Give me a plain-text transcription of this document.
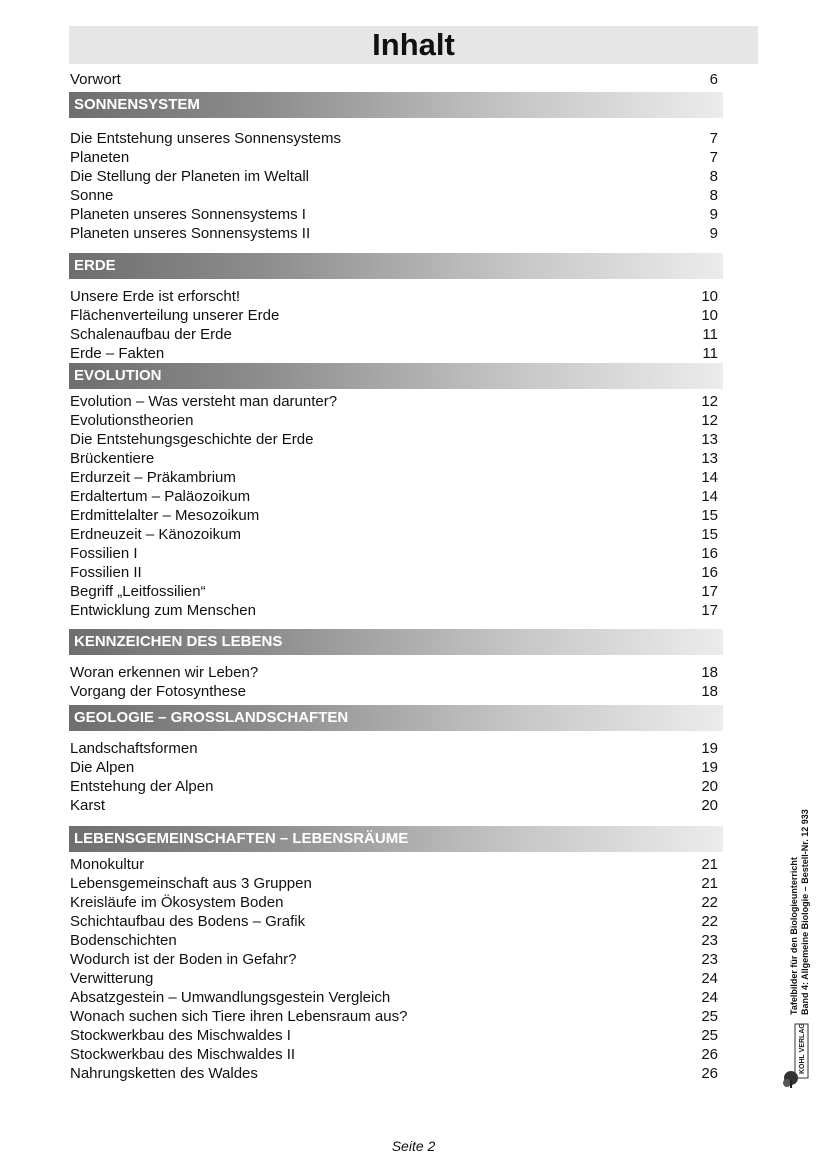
Inhalt
Vorwort	6
SONNENSYSTEM
Die Entstehung unseres Sonnensystems	7
Planeten	7
Die Stellung der Planeten im Weltall	8
Sonne	8
Planeten unseres Sonnensystems I	9
Planeten unseres Sonnensystems II	9
ERDE
Unsere Erde ist erforscht!	10
Flächenverteilung unserer Erde	10
Schalenaufbau der Erde	11
Erde – Fakten	11
EVOLUTION
Evolution – Was versteht man darunter?	12
Evolutionstheorien	12
Die Entstehungsgeschichte der Erde	13
Brückentiere	13
Erdurzeit – Präkambrium	14
Erdaltertum – Paläozoikum	14
Erdmittelalter – Mesozoikum	15
Erdneuzeit – Känozoikum	15
Fossilien I	16
Fossilien II	16
Begriff „Leitfossilien“	17
Entwicklung zum Menschen	17
KENNZEICHEN DES LEBENS
Woran erkennen wir Leben?	18
Vorgang der Fotosynthese	18
GEOLOGIE – GROSSLANDSCHAFTEN
Landschaftsformen	19
Die Alpen	19
Entstehung der Alpen	20
Karst	20
LEBENSGEMEINSCHAFTEN – LEBENSRÄUME
Monokultur	21
Lebensgemeinschaft aus 3 Gruppen	21
Kreisläufe im Ökosystem Boden	22
Schichtaufbau des Bodens – Grafik	22
Bodenschichten	23
Wodurch ist der Boden in Gefahr?	23
Verwitterung	24
Absatzgestein – Umwandlungsgestein Vergleich	24
Wonach suchen sich Tiere ihren Lebensraum aus?	25
Stockwerkbau des Mischwaldes I	25
Stockwerkbau des Mischwaldes II	26
Nahrungsketten des Waldes	26
Seite 2
Tafelbilder für den Biologieunterricht Band 4: Allgemeine Biologie – Bestell-Nr. 12 933
KOHL VERLAG
